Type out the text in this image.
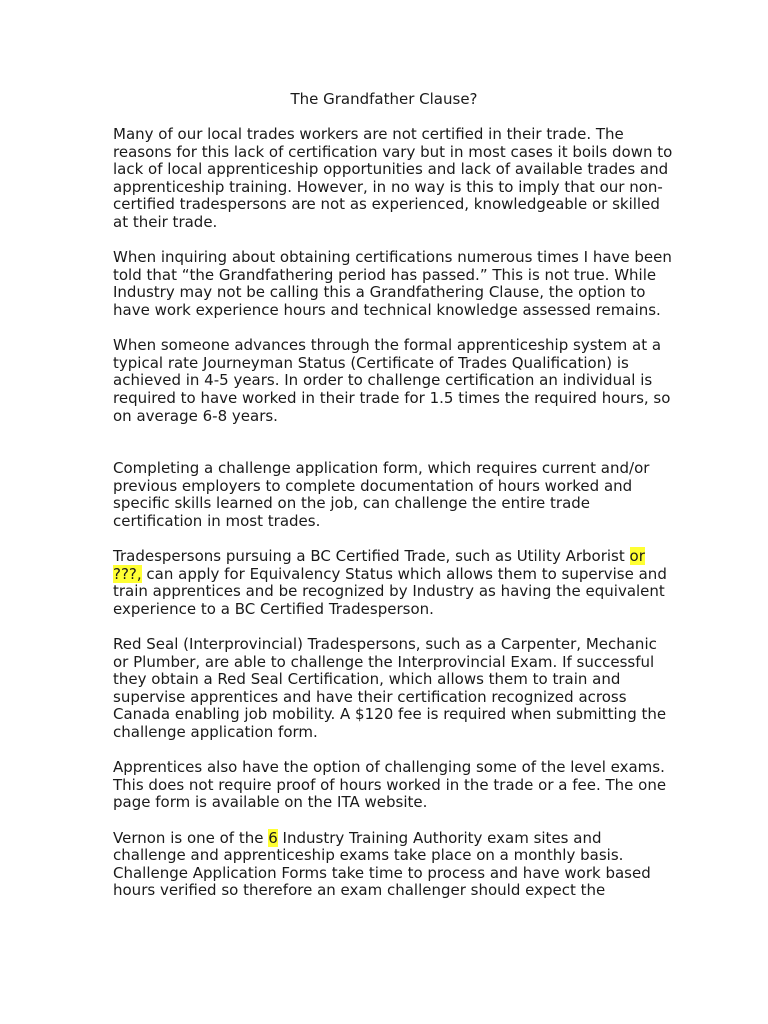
The Grandfather Clause?

Many of our local trades workers are not certified in their trade. The reasons for this lack of certification vary but in most cases it boils down to lack of local apprenticeship opportunities and lack of available trades and apprenticeship training. However, in no way is this to imply that our non-certified tradespersons are not as experienced, knowledgeable or skilled at their trade.

When inquiring about obtaining certifications numerous times I have been told that “the Grandfathering period has passed.” This is not true. While Industry may not be calling this a Grandfathering Clause, the option to have work experience hours and technical knowledge assessed remains.

When someone advances through the formal apprenticeship system at a typical rate Journeyman Status (Certificate of Trades Qualification) is achieved in 4-5 years. In order to challenge certification an individual is required to have worked in their trade for 1.5 times the required hours, so on average 6-8 years.

Completing a challenge application form, which requires current and/or previous employers to complete documentation of hours worked and specific skills learned on the job, can challenge the entire trade certification in most trades.

Tradespersons pursuing a BC Certified Trade, such as Utility Arborist or ???, can apply for Equivalency Status which allows them to supervise and train apprentices and be recognized by Industry as having the equivalent experience to a BC Certified Tradesperson.

Red Seal (Interprovincial) Tradespersons, such as a Carpenter, Mechanic or Plumber, are able to challenge the Interprovincial Exam. If successful they obtain a Red Seal Certification, which allows them to train and supervise apprentices and have their certification recognized across Canada enabling job mobility. A $120 fee is required when submitting the challenge application form.

Apprentices also have the option of challenging some of the level exams. This does not require proof of hours worked in the trade or a fee. The one page form is available on the ITA website.

Vernon is one of the 6 Industry Training Authority exam sites and challenge and apprenticeship exams take place on a monthly basis. Challenge Application Forms take time to process and have work based hours verified so therefore an exam challenger should expect the
